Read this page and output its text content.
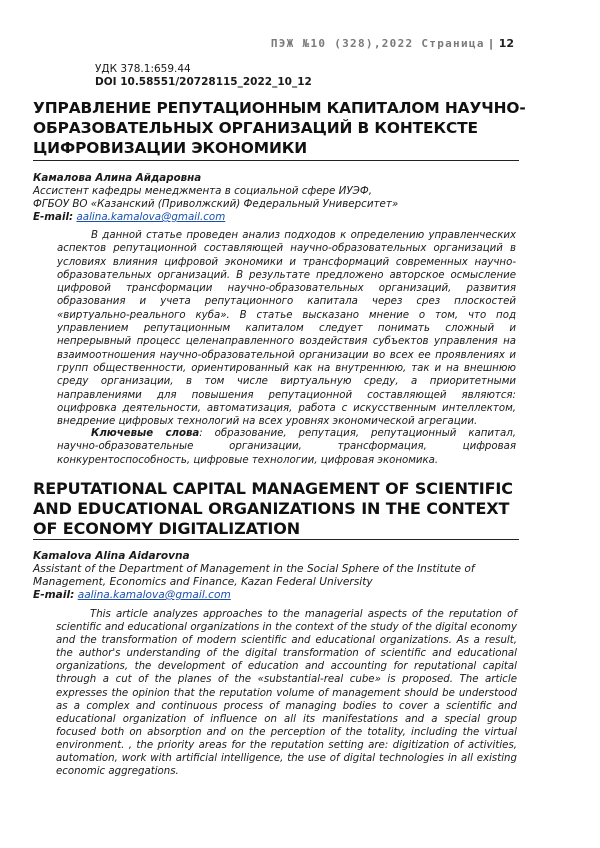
ПЭЖ №10 (328),2022 Страница | 12
УДК 378.1:659.44
DOI 10.58551/20728115_2022_10_12
УПРАВЛЕНИЕ РЕПУТАЦИОННЫМ КАПИТАЛОМ НАУЧНО-ОБРАЗОВАТЕЛЬНЫХ ОРГАНИЗАЦИЙ В КОНТЕКСТЕ ЦИФРОВИЗАЦИИ ЭКОНОМИКИ
Камалова Алина Айдаровна
Ассистент кафедры менеджмента в социальной сфере ИУЭФ,
ФГБОУ ВО «Казанский (Приволжский) Федеральный Университет»
E-mail: aalina.kamalova@gmail.com

В данной статье проведен анализ подходов к определению управленческих аспектов репутационной составляющей научно-образовательных организаций в условиях влияния цифровой экономики и трансформаций современных научно-образовательных организаций. В результате предложено авторское осмысление цифровой трансформации научно-образовательных организаций, развития образования и учета репутационного капитала через срез плоскостей «виртуально-реального куба». В статье высказано мнение о том, что под управлением репутационным капиталом следует понимать сложный и непрерывный процесс целенаправленного воздействия субъектов управления на взаимоотношения научно-образовательной организации во всех ее проявлениях и групп общественности, ориентированный как на внутреннюю, так и на внешнюю среду организации, в том числе виртуальную среду, а приоритетными направлениями для повышения репутационной составляющей являются: оцифровка деятельности, автоматизация, работа с искусственным интеллектом, внедрение цифровых технологий на всех уровнях экономической агрегации.

Ключевые слова: образование, репутация, репутационный капитал, научно-образовательные организации, трансформация, цифровая конкурентоспособность, цифровые технологии, цифровая экономика.

REPUTATIONAL CAPITAL MANAGEMENT OF SCIENTIFIC AND EDUCATIONAL ORGANIZATIONS IN THE CONTEXT OF ECONOMY DIGITALIZATION
Kamalova Alina Aidarovna
Assistant of the Department of Management in the Social Sphere of the Institute of Management, Economics and Finance, Kazan Federal University
E-mail: aalina.kamalova@gmail.com

This article analyzes approaches to the managerial aspects of the reputation of scientific and educational organizations in the context of the study of the digital economy and the transformation of modern scientific and educational organizations. As a result, the author's understanding of the digital transformation of scientific and educational organizations, the development of education and accounting for reputational capital through a cut of the planes of the «substantial-real cube» is proposed. The article expresses the opinion that the reputation volume of management should be understood as a complex and continuous process of managing bodies to cover a scientific and educational organization of influence on all its manifestations and a special group focused both on absorption and on the perception of the totality, including the virtual environment. , the priority areas for the reputation setting are: digitization of activities, automation, work with artificial intelligence, the use of digital technologies in all existing economic aggregations.
